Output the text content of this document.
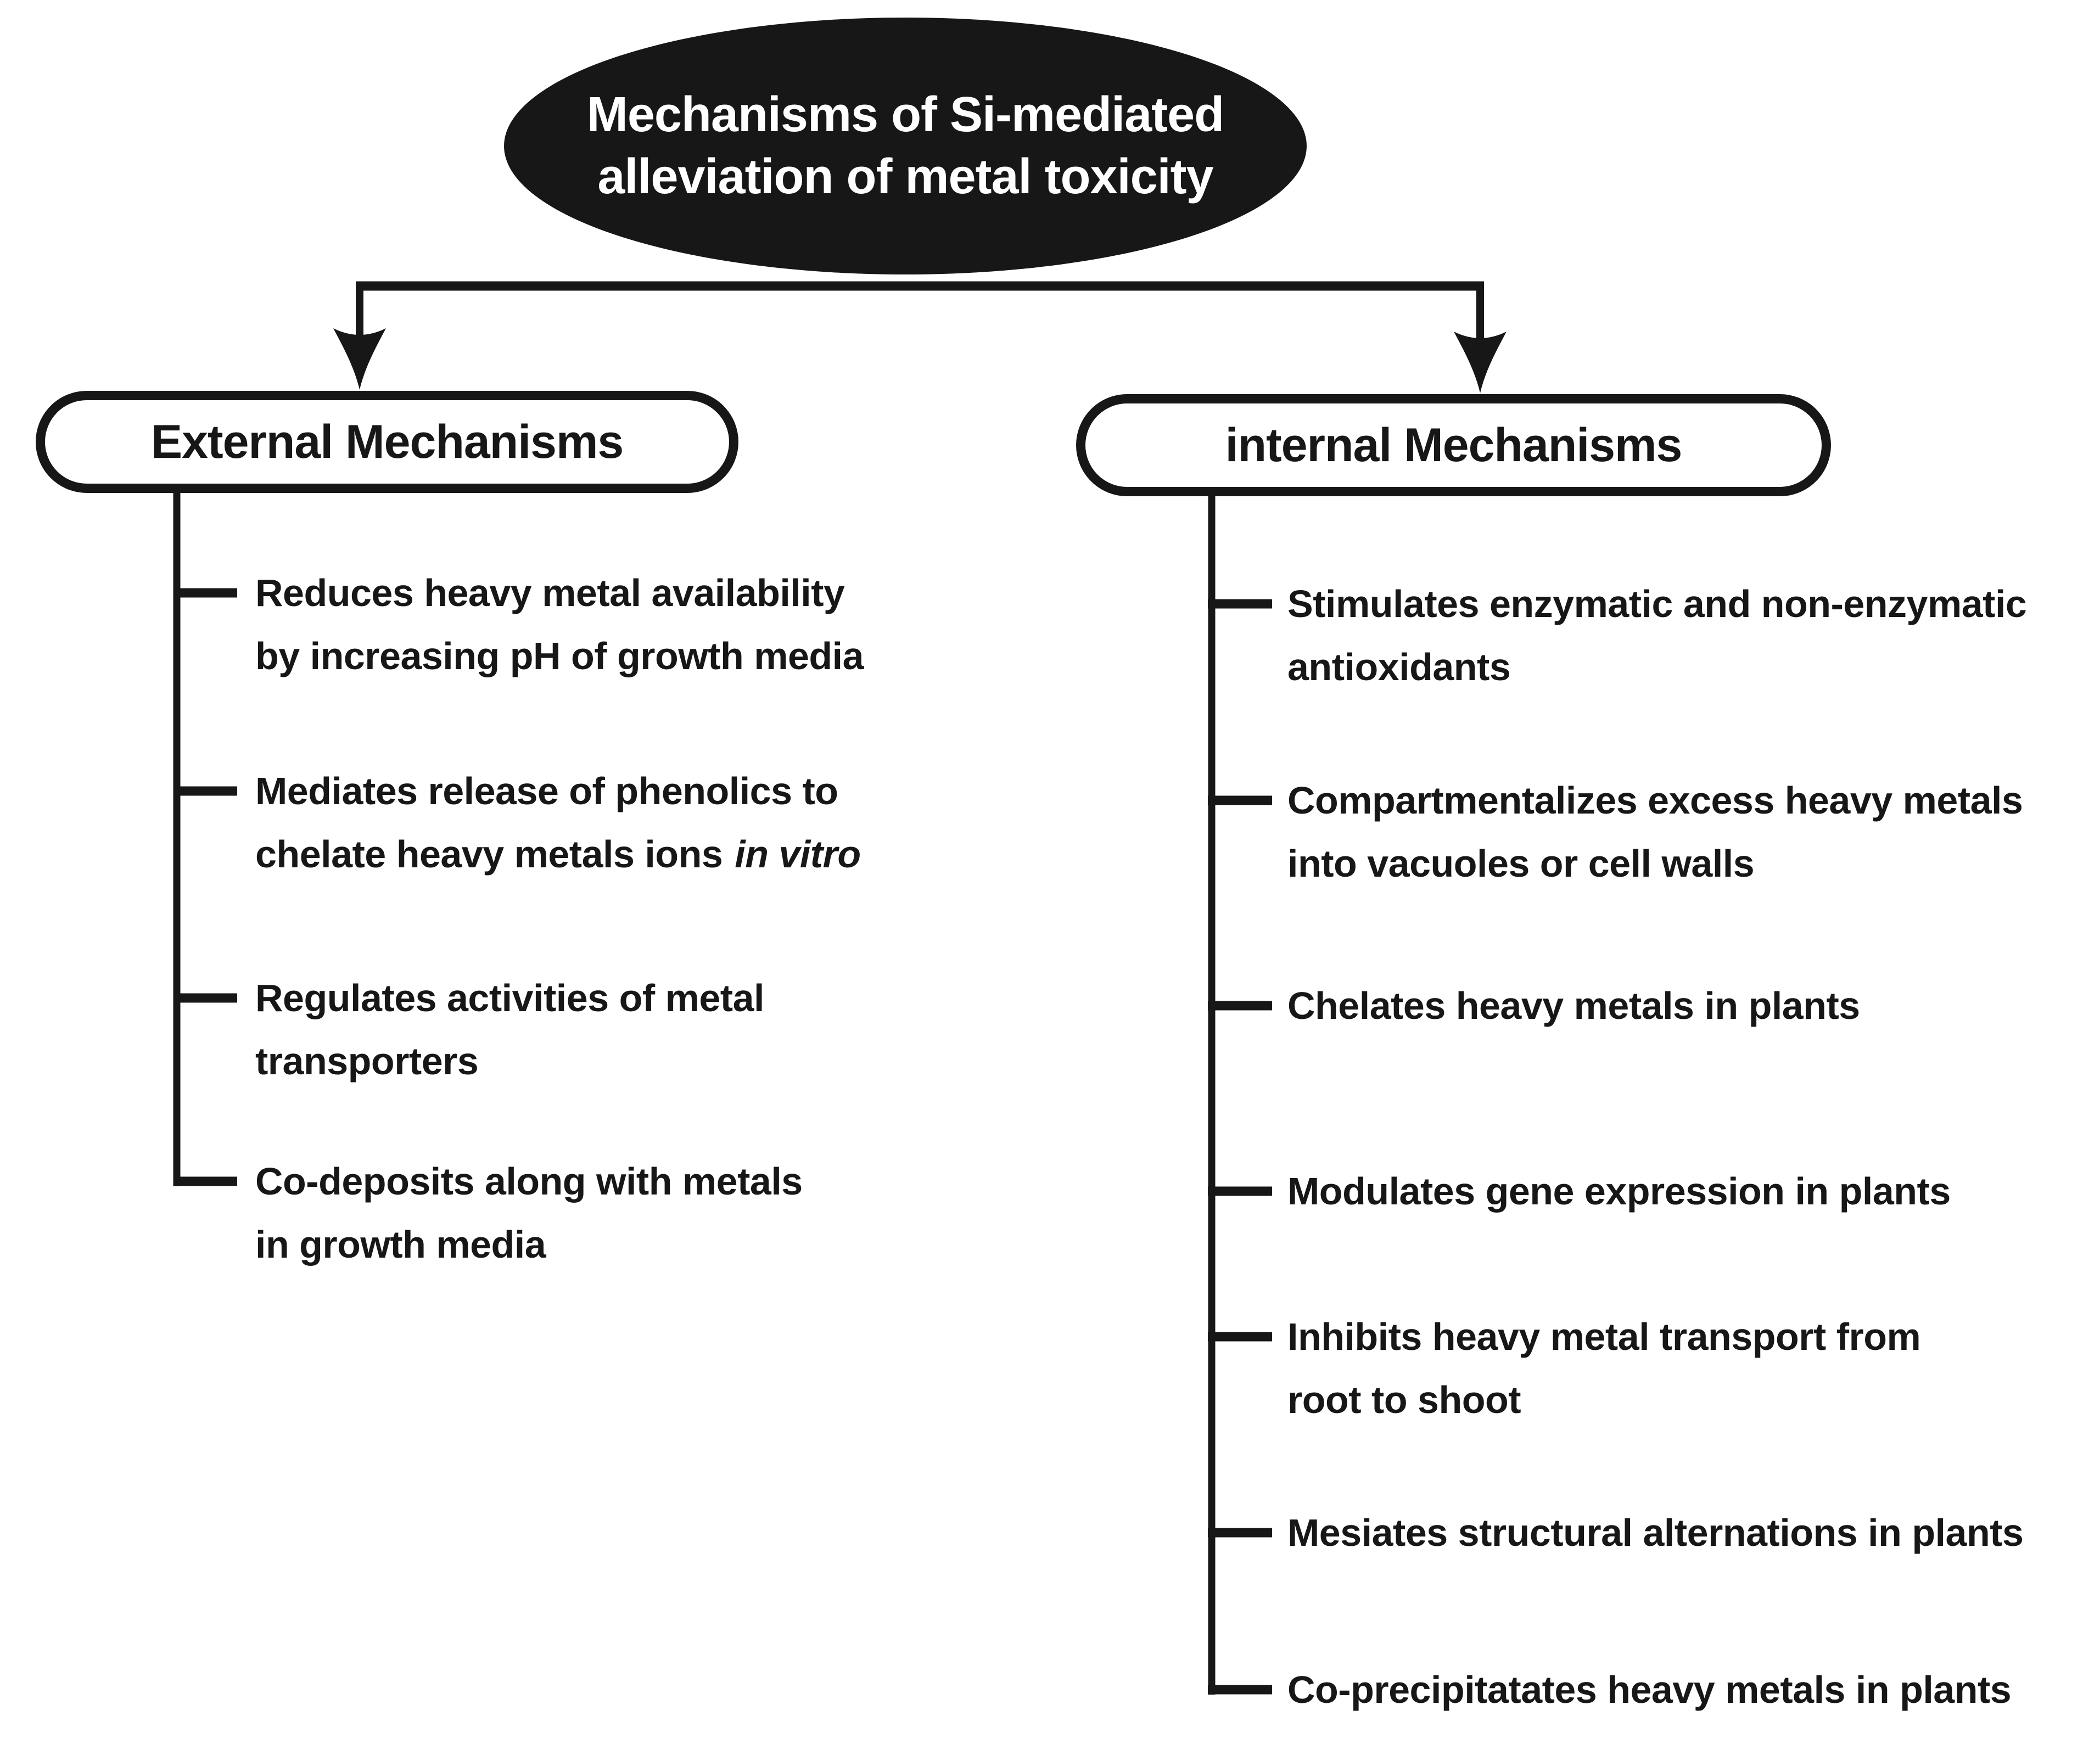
Mechanisms of Si-mediated
alleviation of metal toxicity
External Mechanisms	internal Mechanisms
Reduces heavy metal availability
by increasing pH of growth media
Mediates release of phenolics to
chelate heavy metals ions in vitro
Regulates activities of metal
transporters
Co-deposits along with metals
in growth media
Stimulates enzymatic and non-enzymatic
antioxidants
Compartmentalizes excess heavy metals
into vacuoles or cell walls
Chelates heavy metals in plants
Modulates gene expression in plants
Inhibits heavy metal transport from
root to shoot
Mesiates structural alternations in plants
Co-precipitatates heavy metals in plants
